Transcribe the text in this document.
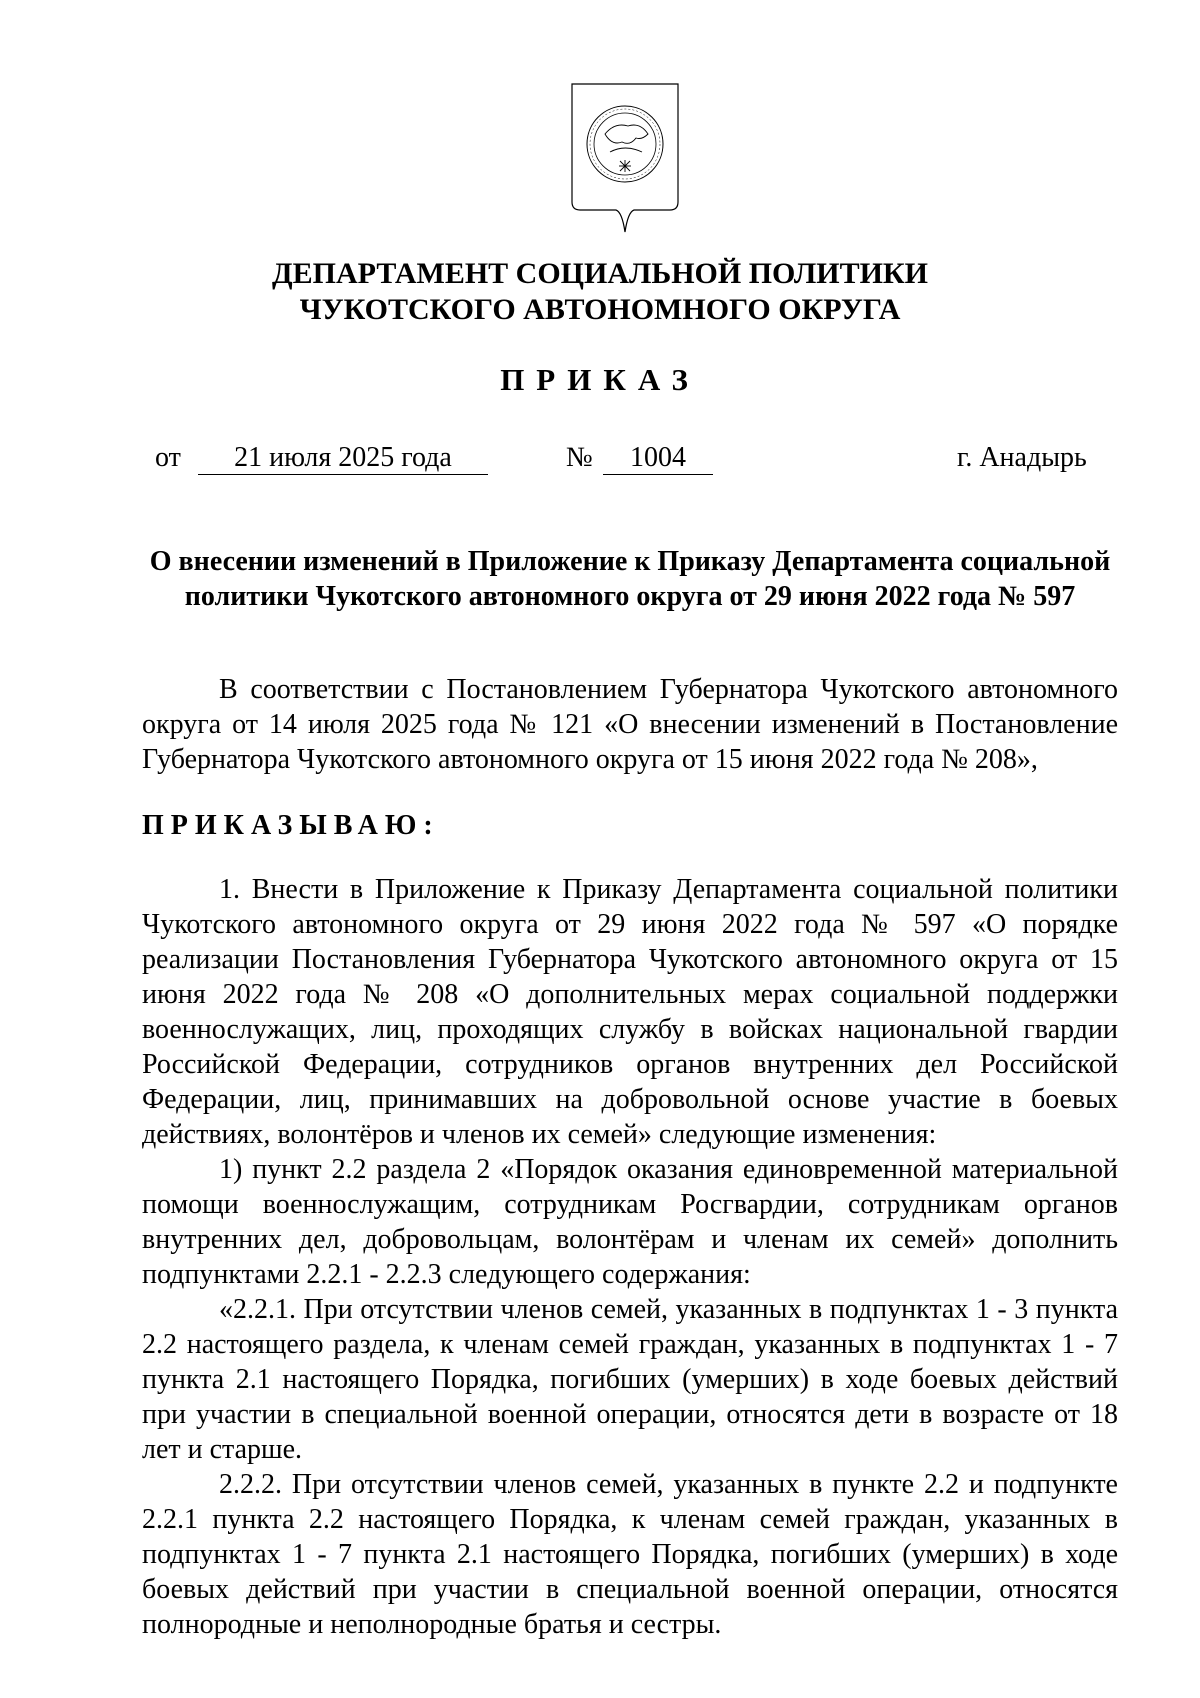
ДЕПАРТАМЕНТ СОЦИАЛЬНОЙ ПОЛИТИКИ
ЧУКОТСКОГО АВТОНОМНОГО ОКРУГА
ПРИКАЗ
от	21 июля 2025 года	№	1004	г. Анадырь
О внесении изменений в Приложение к Приказу Департамента социальной политики Чукотского автономного округа от 29 июня 2022 года № 597

В соответствии с Постановлением Губернатора Чукотского автономного округа от 14 июля 2025 года № 121 «О внесении изменений в Постановление Губернатора Чукотского автономного округа от 15 июня 2022 года № 208»,

ПРИКАЗЫВАЮ:

1. Внести в Приложение к Приказу Департамента социальной политики Чукотского автономного округа от 29 июня 2022 года № 597 «О порядке реализации Постановления Губернатора Чукотского автономного округа от 15 июня 2022 года № 208 «О дополнительных мерах социальной поддержки военнослужащих, лиц, проходящих службу в войсках национальной гвардии Российской Федерации, сотрудников органов внутренних дел Российской Федерации, лиц, принимавших на добровольной основе участие в боевых действиях, волонтёров и членов их семей» следующие изменения:

1) пункт 2.2 раздела 2 «Порядок оказания единовременной материальной помощи военнослужащим, сотрудникам Росгвардии, сотрудникам органов внутренних дел, добровольцам, волонтёрам и членам их семей» дополнить подпунктами 2.2.1 - 2.2.3 следующего содержания:

«2.2.1. При отсутствии членов семей, указанных в подпунктах 1 - 3 пункта 2.2 настоящего раздела, к членам семей граждан, указанных в подпунктах 1 - 7 пункта 2.1 настоящего Порядка, погибших (умерших) в ходе боевых действий при участии в специальной военной операции, относятся дети в возрасте от 18 лет и старше.

2.2.2. При отсутствии членов семей, указанных в пункте 2.2 и подпункте 2.2.1 пункта 2.2 настоящего Порядка, к членам семей граждан, указанных в подпунктах 1 - 7 пункта 2.1 настоящего Порядка, погибших (умерших) в ходе боевых действий при участии в специальной военной операции, относятся полнородные и неполнородные братья и сестры.
